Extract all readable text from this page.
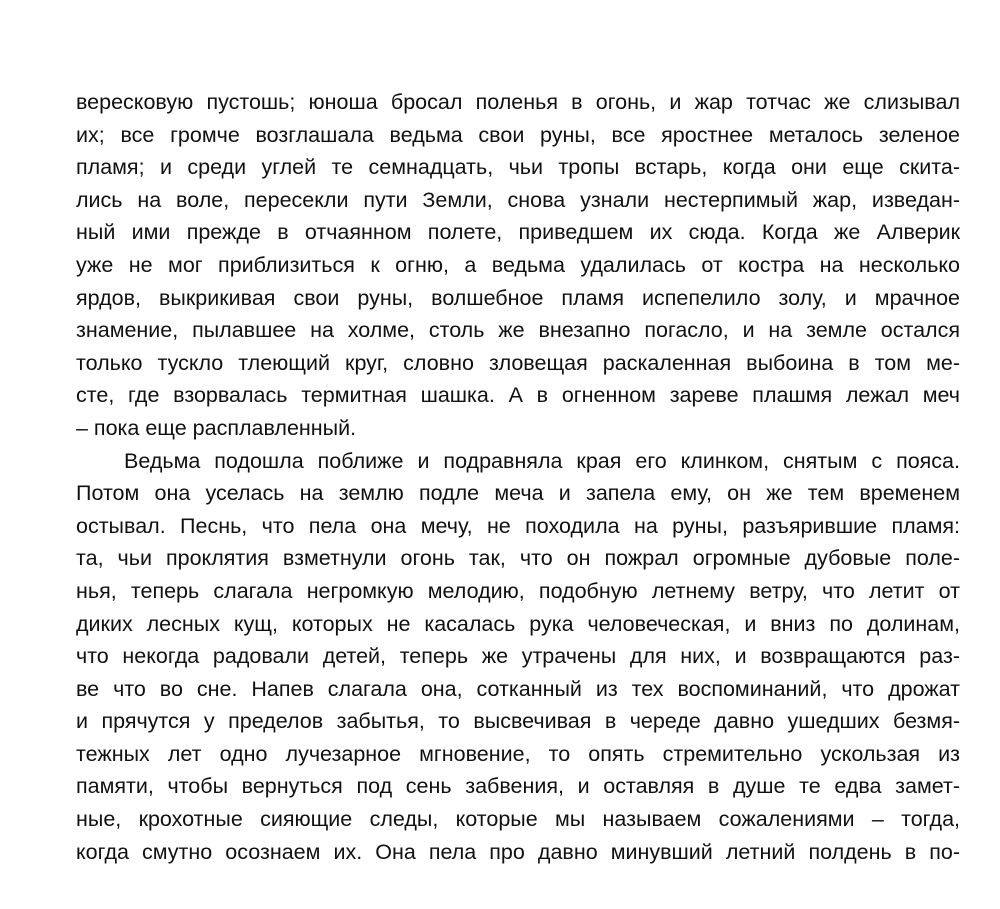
вересковую пустошь; юноша бросал поленья в огонь, и жар тотчас же слизывал
их; все громче возглашала ведьма свои руны, все яростнее металось зеленое
пламя; и среди углей те семнадцать, чьи тропы встарь, когда они еще скита-
лись на воле, пересекли пути Земли, снова узнали нестерпимый жар, изведан-
ный ими прежде в отчаянном полете, приведшем их сюда. Когда же Алверик
уже не мог приблизиться к огню, а ведьма удалилась от костра на несколько
ярдов, выкрикивая свои руны, волшебное пламя испепелило золу, и мрачное
знамение, пылавшее на холме, столь же внезапно погасло, и на земле остался
только тускло тлеющий круг, словно зловещая раскаленная выбоина в том ме-
сте, где взорвалась термитная шашка. А в огненном зареве плашмя лежал меч
– пока еще расплавленный.
Ведьма подошла поближе и подравняла края его клинком, снятым с пояса.
Потом она уселась на землю подле меча и запела ему, он же тем временем
остывал. Песнь, что пела она мечу, не походила на руны, разъярившие пламя:
та, чьи проклятия взметнули огонь так, что он пожрал огромные дубовые поле-
нья, теперь слагала негромкую мелодию, подобную летнему ветру, что летит от
диких лесных кущ, которых не касалась рука человеческая, и вниз по долинам,
что некогда радовали детей, теперь же утрачены для них, и возвращаются раз-
ве что во сне. Напев слагала она, сотканный из тех воспоминаний, что дрожат
и прячутся у пределов забытья, то высвечивая в череде давно ушедших безмя-
тежных лет одно лучезарное мгновение, то опять стремительно ускользая из
памяти, чтобы вернуться под сень забвения, и оставляя в душе те едва замет-
ные, крохотные сияющие следы, которые мы называем сожалениями – тогда,
когда смутно осознаем их. Она пела про давно минувший летний полдень в по-
